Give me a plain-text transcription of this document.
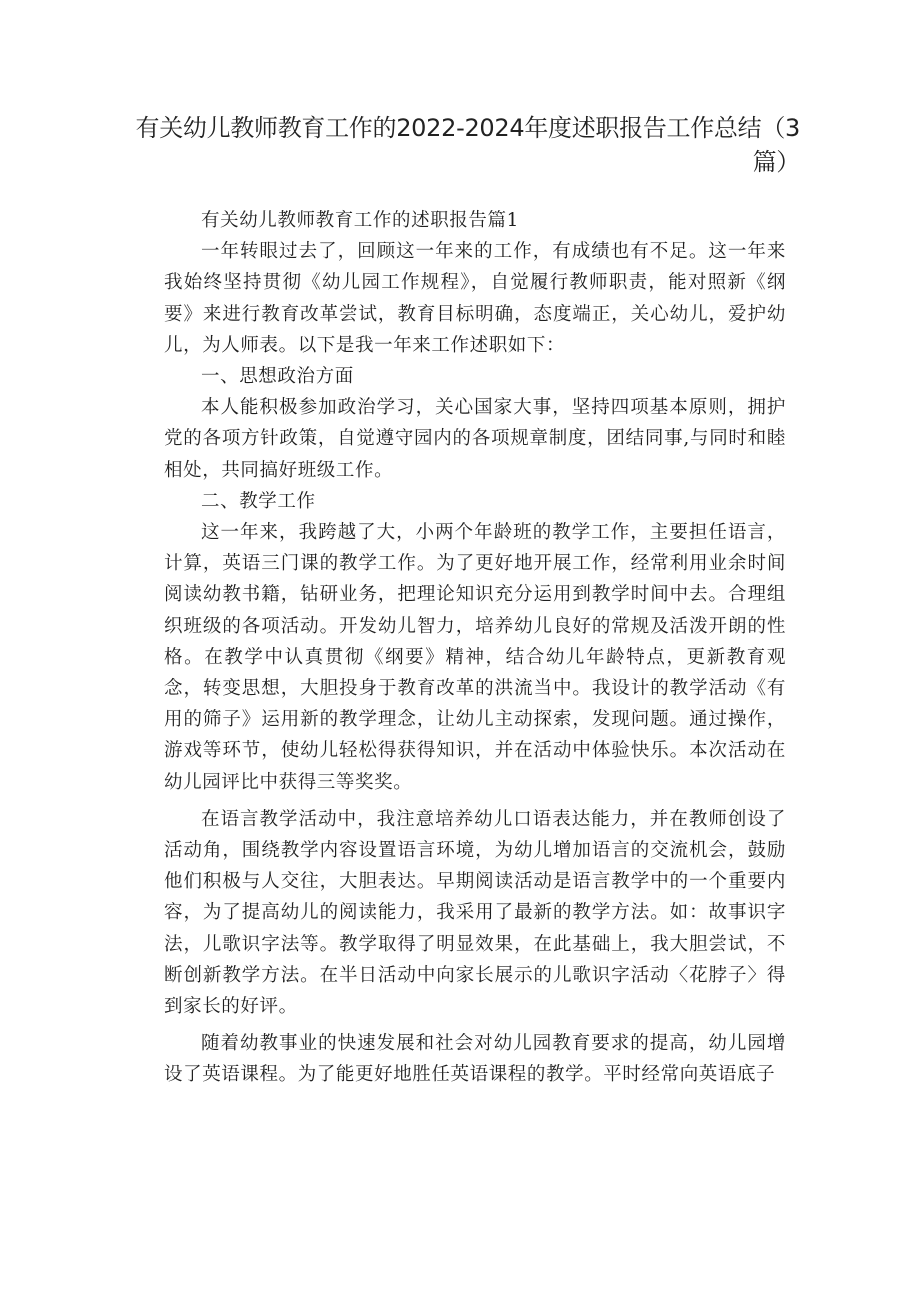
有关幼儿教师教育工作的2022-2024年度述职报告工作总结（3篇）

有关幼儿教师教育工作的述职报告篇1

一年转眼过去了，回顾这一年来的工作，有成绩也有不足。这一年来我始终坚持贯彻《幼儿园工作规程》，自觉履行教师职责，能对照新《纲要》来进行教育改革尝试，教育目标明确，态度端正，关心幼儿，爱护幼儿，为人师表。以下是我一年来工作述职如下：

一、思想政治方面

本人能积极参加政治学习，关心国家大事，坚持四项基本原则，拥护党的各项方针政策，自觉遵守园内的各项规章制度，团结同事,与同时和睦相处，共同搞好班级工作。

二、教学工作

这一年来，我跨越了大，小两个年龄班的教学工作，主要担任语言，计算，英语三门课的教学工作。为了更好地开展工作，经常利用业余时间阅读幼教书籍，钻研业务，把理论知识充分运用到教学时间中去。合理组织班级的各项活动。开发幼儿智力，培养幼儿良好的常规及活泼开朗的性格。在教学中认真贯彻《纲要》精神，结合幼儿年龄特点，更新教育观念，转变思想，大胆投身于教育改革的洪流当中。我设计的教学活动《有用的筛子》运用新的教学理念，让幼儿主动探索，发现问题。通过操作，游戏等环节，使幼儿轻松得获得知识，并在活动中体验快乐。本次活动在幼儿园评比中获得三等奖奖。

在语言教学活动中，我注意培养幼儿口语表达能力，并在教师创设了活动角，围绕教学内容设置语言环境，为幼儿增加语言的交流机会，鼓励他们积极与人交往，大胆表达。早期阅读活动是语言教学中的一个重要内容，为了提高幼儿的阅读能力，我采用了最新的教学方法。如：故事识字法，儿歌识字法等。教学取得了明显效果，在此基础上，我大胆尝试，不断创新教学方法。在半日活动中向家长展示的儿歌识字活动〈花脖子〉得到家长的好评。

随着幼教事业的快速发展和社会对幼儿园教育要求的提高，幼儿园增设了英语课程。为了能更好地胜任英语课程的教学。平时经常向英语底子
